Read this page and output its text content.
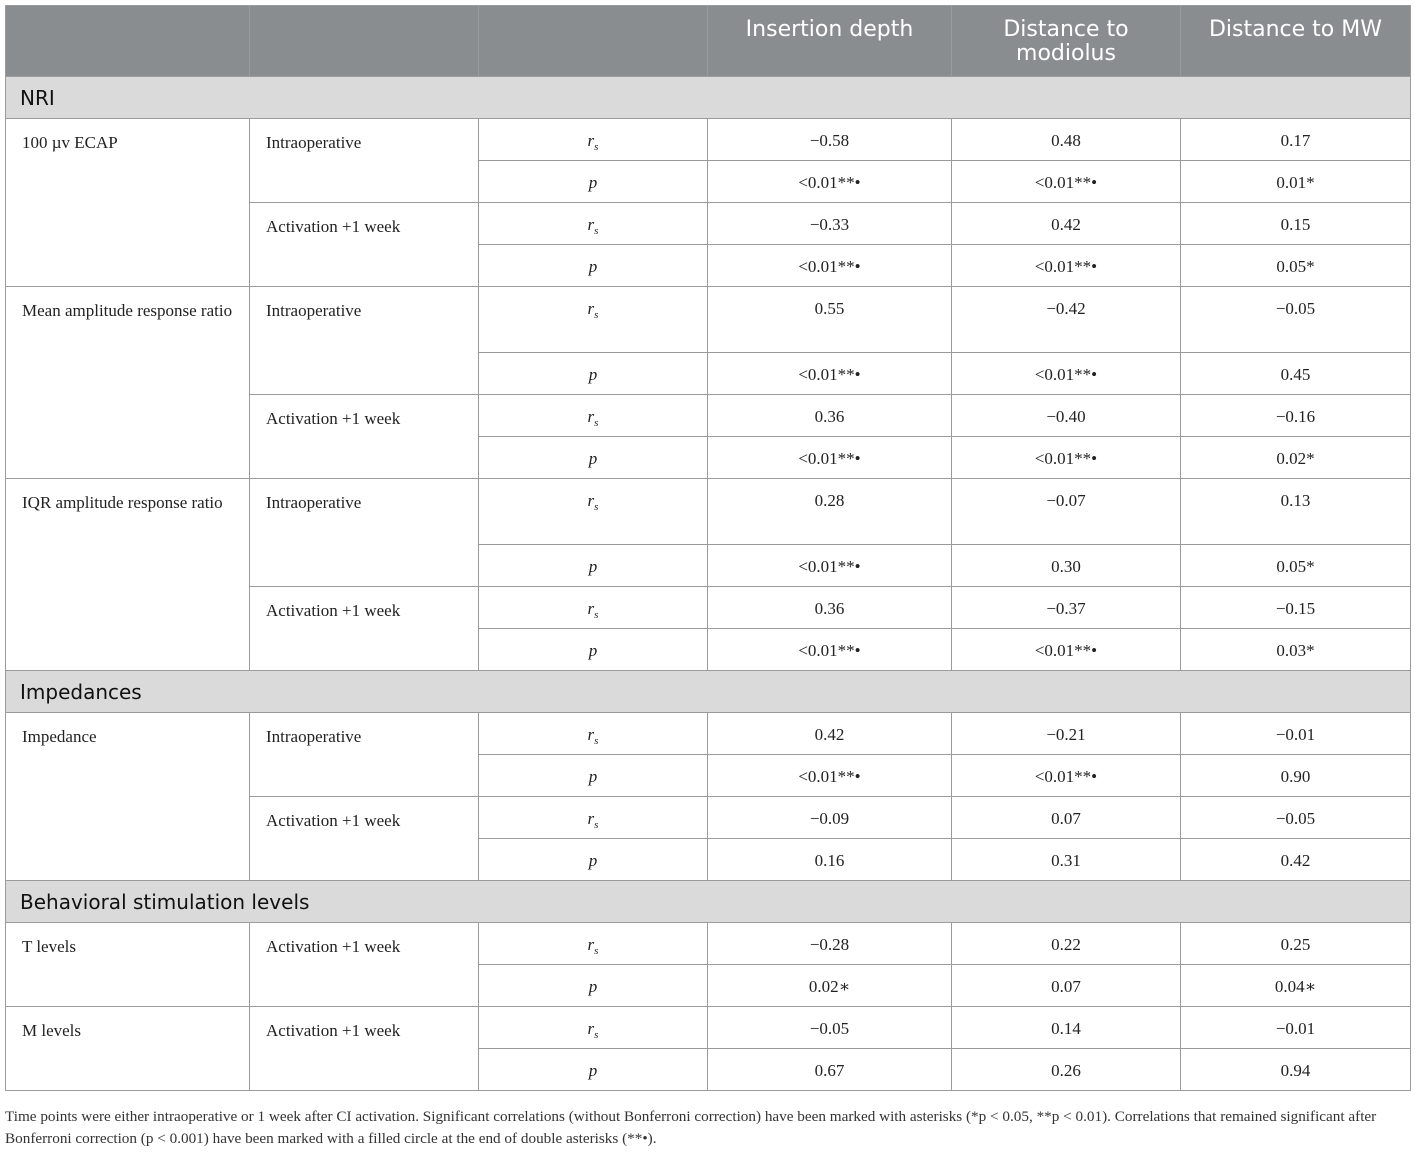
			Insertion depth	Distance to modiolus	Distance to MW
NRI					
100 µv ECAP	Intraoperative	$r_s$	−0.58	0.48	0.17
		p	<0.01**•	<0.01**•	0.01*
	Activation +1 week	$r_s$	−0.33	0.42	0.15
		p	<0.01**•	<0.01**•	0.05*
Mean amplitude response ratio	Intraoperative	$r_s$	0.55	−0.42	−0.05
		p	<0.01**•	<0.01**•	0.45
	Activation +1 week	$r_s$	0.36	−0.40	−0.16
		p	<0.01**•	<0.01**•	0.02*
IQR amplitude response ratio	Intraoperative	$r_s$	0.28	−0.07	0.13
		p	<0.01**•	0.30	0.05*
	Activation +1 week	$r_s$	0.36	−0.37	−0.15
		p	<0.01**•	<0.01**•	0.03*
Impedances					
Impedance	Intraoperative	$r_s$	0.42	−0.21	−0.01
		p	<0.01**•	<0.01**•	0.90
	Activation +1 week	$r_s$	−0.09	0.07	−0.05
		p	0.16	0.31	0.42
Behavioral stimulation levels					
T levels	Activation +1 week	$r_s$	−0.28	0.22	0.25
		p	0.02∗	0.07	0.04∗
M levels	Activation +1 week	$r_s$	−0.05	0.14	−0.01
		p	0.67	0.26	0.94
Time points were either intraoperative or 1 week after CI activation. Significant correlations (without Bonferroni correction) have been marked with asterisks (*p < 0.05, **p < 0.01). Correlations that remained significant after Bonferroni correction (p < 0.001) have been marked with a filled circle at the end of double asterisks (**•).
